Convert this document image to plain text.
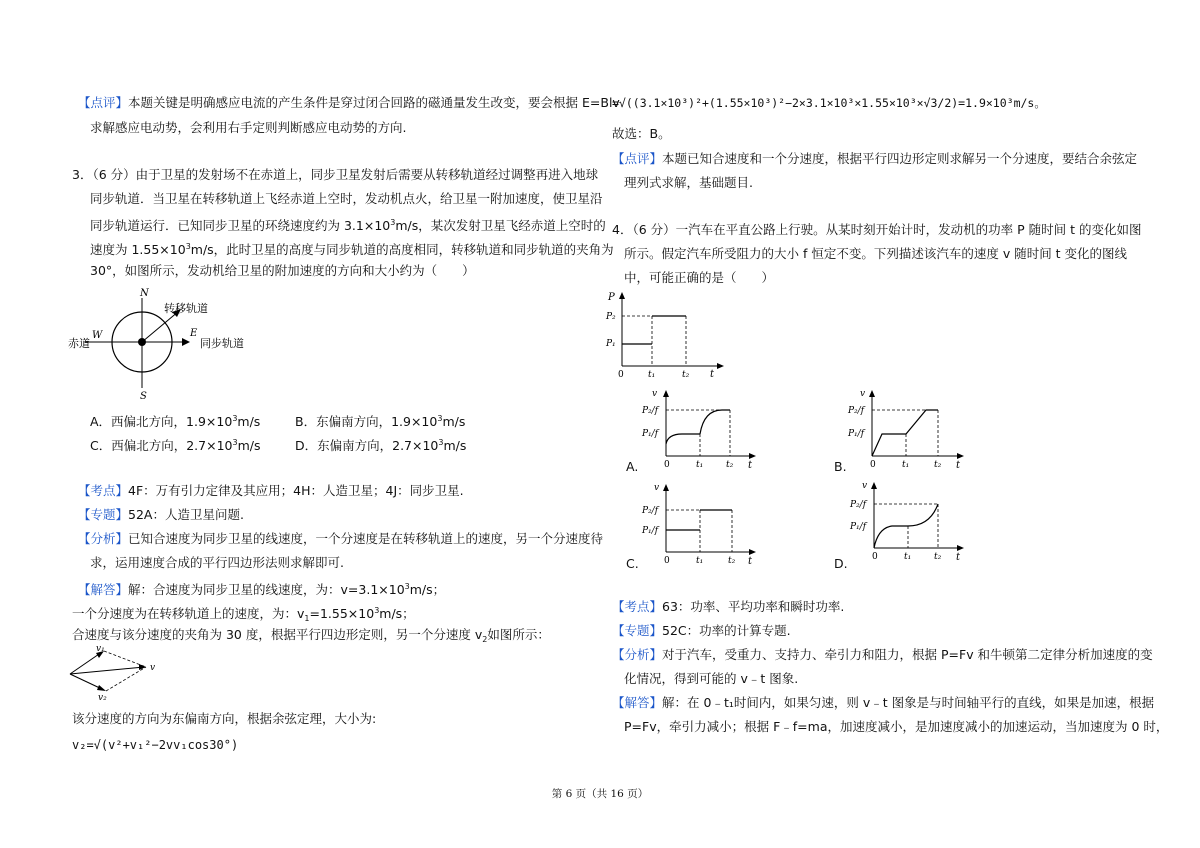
【点评】本题关键是明确感应电流的产生条件是穿过闭合回路的磁通量发生改变，要会根据 E=Blv
求解感应电动势，会利用右手定则判断感应电动势的方向.
3．（6 分）由于卫星的发射场不在赤道上，同步卫星发射后需要从转移轨道经过调整再进入地球
同步轨道．当卫星在转移轨道上飞经赤道上空时，发动机点火，给卫星一附加速度，使卫星沿
同步轨道运行．已知同步卫星的环绕速度约为 $3.1\times 10^3m/s$，某次发射卫星飞经赤道上空时的
速度为 $1.55\times 10^3m/s$，此时卫星的高度与同步轨道的高度相同，转移轨道和同步轨道的夹角为
30°，如图所示，发动机给卫星的附加速度的方向和大小约为（　　）
N
S
W	E
转移轨道
赤道	同步轨道
A．西偏北方向，$1.9\times 10^3m/s$	B．东偏南方向，$1.9\times 10^3m/s$
C．西偏北方向，$2.7\times 10^3m/s$	D．东偏南方向，$2.7\times 10^3m/s$
【考点】4F：万有引力定律及其应用；4H：人造卫星；4J：同步卫星.
【专题】52A：人造卫星问题.
【分析】已知合速度为同步卫星的线速度，一个分速度是在转移轨道上的速度，另一个分速度待
求，运用速度合成的平行四边形法则求解即可.
【解答】解：合速度为同步卫星的线速度，为：$v=3.1\times 10^3m/s$；
一个分速度为在转移轨道上的速度，为：$v_1=1.55\times 10^3m/s$；
合速度与该分速度的夹角为 30 度，根据平行四边形定则，另一个分速度 $v_2$如图所示：
v₁
v
v₂
该分速度的方向为东偏南方向，根据余弦定理，大小为:
v₂=√(v²+v₁²−2vv₁cos30°)
=√((3.1×10³)²+(1.55×10³)²−2×3.1×10³×1.55×10³×√3/2)=1.9×10³m/s。
故选：B。
【点评】本题已知合速度和一个分速度，根据平行四边形定则求解另一个分速度，要结合余弦定
理列式求解，基础题目.
4．（6 分）一汽车在平直公路上行驶。从某时刻开始计时，发动机的功率 P 随时间 t 的变化如图
所示。假定汽车所受阻力的大小 f 恒定不变。下列描述该汽车的速度 v 随时间 t 变化的图线
中，可能正确的是（　　）
P
P₂
P₁
0	t₁	t₂ t
A.
v
P₂/f
P₁/f
0	t₁	t₂ t	B.
v
P₂/f
P₁/f
0	t₁	t₂ t
C.
v
P₂/f
P₁/f
0	t₁	t₂ t	D.
v
P₂/f
P₁/f
0	t₁	t₂ t
【考点】63：功率、平均功率和瞬时功率.
【专题】52C：功率的计算专题.
【分析】对于汽车，受重力、支持力、牵引力和阻力，根据 P=Fv 和牛顿第二定律分析加速度的变
化情况，得到可能的 v﹣t 图象.
【解答】解：在 0﹣t₁时间内，如果匀速，则 v﹣t 图象是与时间轴平行的直线，如果是加速，根据
P=Fv，牵引力减小；根据 F﹣f=ma，加速度减小，是加速度减小的加速运动，当加速度为 0 时，
第 6 页（共 16 页）
